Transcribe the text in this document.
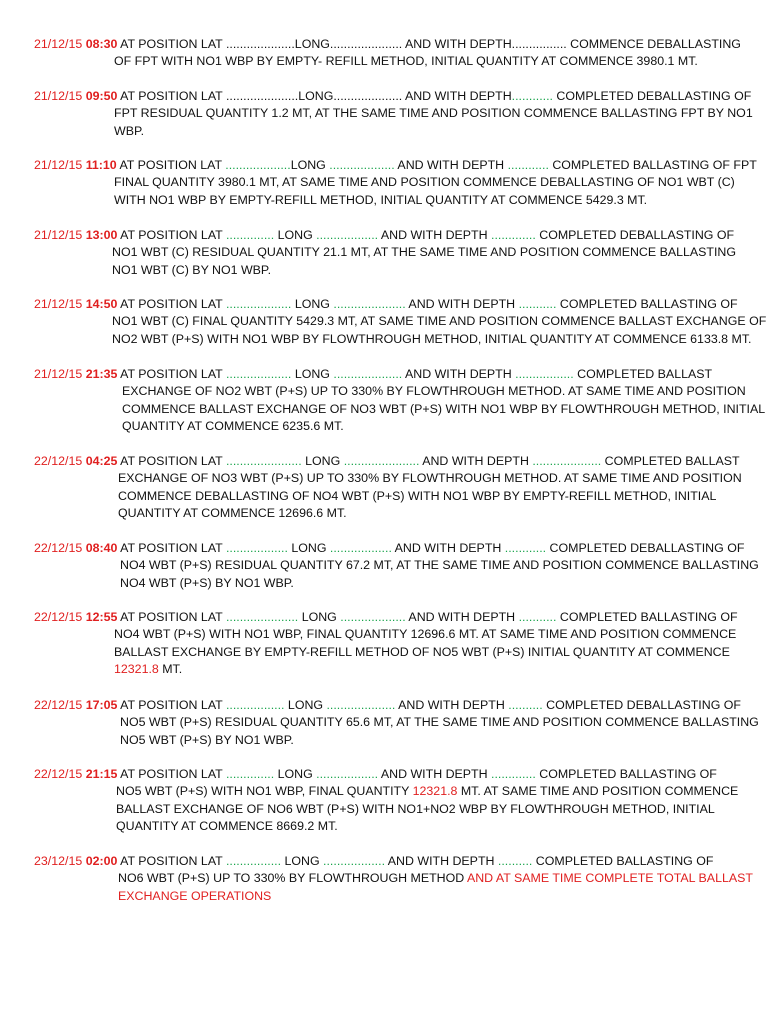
21/12/15 08:30 AT POSITION LAT ....................LONG..................... AND WITH DEPTH................ COMMENCE DEBALLASTING
OF FPT WITH NO1 WBP BY EMPTY- REFILL METHOD, INITIAL QUANTITY AT COMMENCE 3980.1 MT.
21/12/15 09:50 AT POSITION LAT .....................LONG.................... AND WITH DEPTH............ COMPLETED DEBALLASTING OF
FPT RESIDUAL QUANTITY 1.2 MT, AT THE SAME TIME AND POSITION COMMENCE BALLASTING FPT BY NO1
WBP.
21/12/15 11:10 AT POSITION LAT ...................LONG ................... AND WITH DEPTH ............ COMPLETED BALLASTING OF FPT
FINAL QUANTITY 3980.1 MT, AT SAME TIME AND POSITION COMMENCE DEBALLASTING OF NO1 WBT (C)
WITH NO1 WBP BY EMPTY-REFILL METHOD, INITIAL QUANTITY AT COMMENCE 5429.3 MT.
21/12/15 13:00 AT POSITION LAT .............. LONG .................. AND WITH DEPTH ............. COMPLETED DEBALLASTING OF
NO1 WBT (C) RESIDUAL QUANTITY 21.1 MT, AT THE SAME TIME AND POSITION COMMENCE BALLASTING
NO1 WBT (C) BY NO1 WBP.
21/12/15 14:50 AT POSITION LAT ................... LONG ..................... AND WITH DEPTH ........... COMPLETED BALLASTING OF
NO1 WBT (C) FINAL QUANTITY 5429.3 MT, AT SAME TIME AND POSITION COMMENCE BALLAST EXCHANGE OF
NO2 WBT (P+S) WITH NO1 WBP BY FLOWTHROUGH METHOD, INITIAL QUANTITY AT COMMENCE 6133.8 MT.
21/12/15 21:35 AT POSITION LAT ................... LONG .................... AND WITH DEPTH ................. COMPLETED BALLAST
EXCHANGE OF NO2 WBT (P+S) UP TO 330% BY FLOWTHROUGH METHOD. AT SAME TIME AND POSITION
COMMENCE BALLAST EXCHANGE OF NO3 WBT (P+S) WITH NO1 WBP BY FLOWTHROUGH METHOD, INITIAL
QUANTITY AT COMMENCE 6235.6 MT.
22/12/15 04:25 AT POSITION LAT ...................... LONG ...................... AND WITH DEPTH .................... COMPLETED BALLAST
EXCHANGE OF NO3 WBT (P+S) UP TO 330% BY FLOWTHROUGH METHOD. AT SAME TIME AND POSITION
COMMENCE DEBALLASTING OF NO4 WBT (P+S) WITH NO1 WBP BY EMPTY-REFILL METHOD, INITIAL
QUANTITY AT COMMENCE 12696.6 MT.
22/12/15 08:40 AT POSITION LAT .................. LONG .................. AND WITH DEPTH ............ COMPLETED DEBALLASTING OF
NO4 WBT (P+S) RESIDUAL QUANTITY 67.2 MT, AT THE SAME TIME AND POSITION COMMENCE BALLASTING
NO4 WBT (P+S) BY NO1 WBP.
22/12/15 12:55 AT POSITION LAT ..................... LONG ................... AND WITH DEPTH ........... COMPLETED BALLASTING OF
NO4 WBT (P+S) WITH NO1 WBP, FINAL QUANTITY 12696.6 MT. AT SAME TIME AND POSITION COMMENCE
BALLAST EXCHANGE BY EMPTY-REFILL METHOD OF NO5 WBT (P+S) INITIAL QUANTITY AT COMMENCE
12321.8 MT.
22/12/15 17:05 AT POSITION LAT ................. LONG .................... AND WITH DEPTH .......... COMPLETED DEBALLASTING OF
NO5 WBT (P+S) RESIDUAL QUANTITY 65.6 MT, AT THE SAME TIME AND POSITION COMMENCE BALLASTING
NO5 WBT (P+S) BY NO1 WBP.
22/12/15 21:15 AT POSITION LAT .............. LONG .................. AND WITH DEPTH ............. COMPLETED BALLASTING OF
NO5 WBT (P+S) WITH NO1 WBP, FINAL QUANTITY 12321.8 MT. AT SAME TIME AND POSITION COMMENCE
BALLAST EXCHANGE OF NO6 WBT (P+S) WITH NO1+NO2 WBP BY FLOWTHROUGH METHOD, INITIAL
QUANTITY AT COMMENCE 8669.2 MT.
23/12/15 02:00 AT POSITION LAT ................ LONG .................. AND WITH DEPTH .......... COMPLETED BALLASTING OF
NO6 WBT (P+S) UP TO 330% BY FLOWTHROUGH METHOD AND AT SAME TIME COMPLETE TOTAL BALLAST
EXCHANGE OPERATIONS
